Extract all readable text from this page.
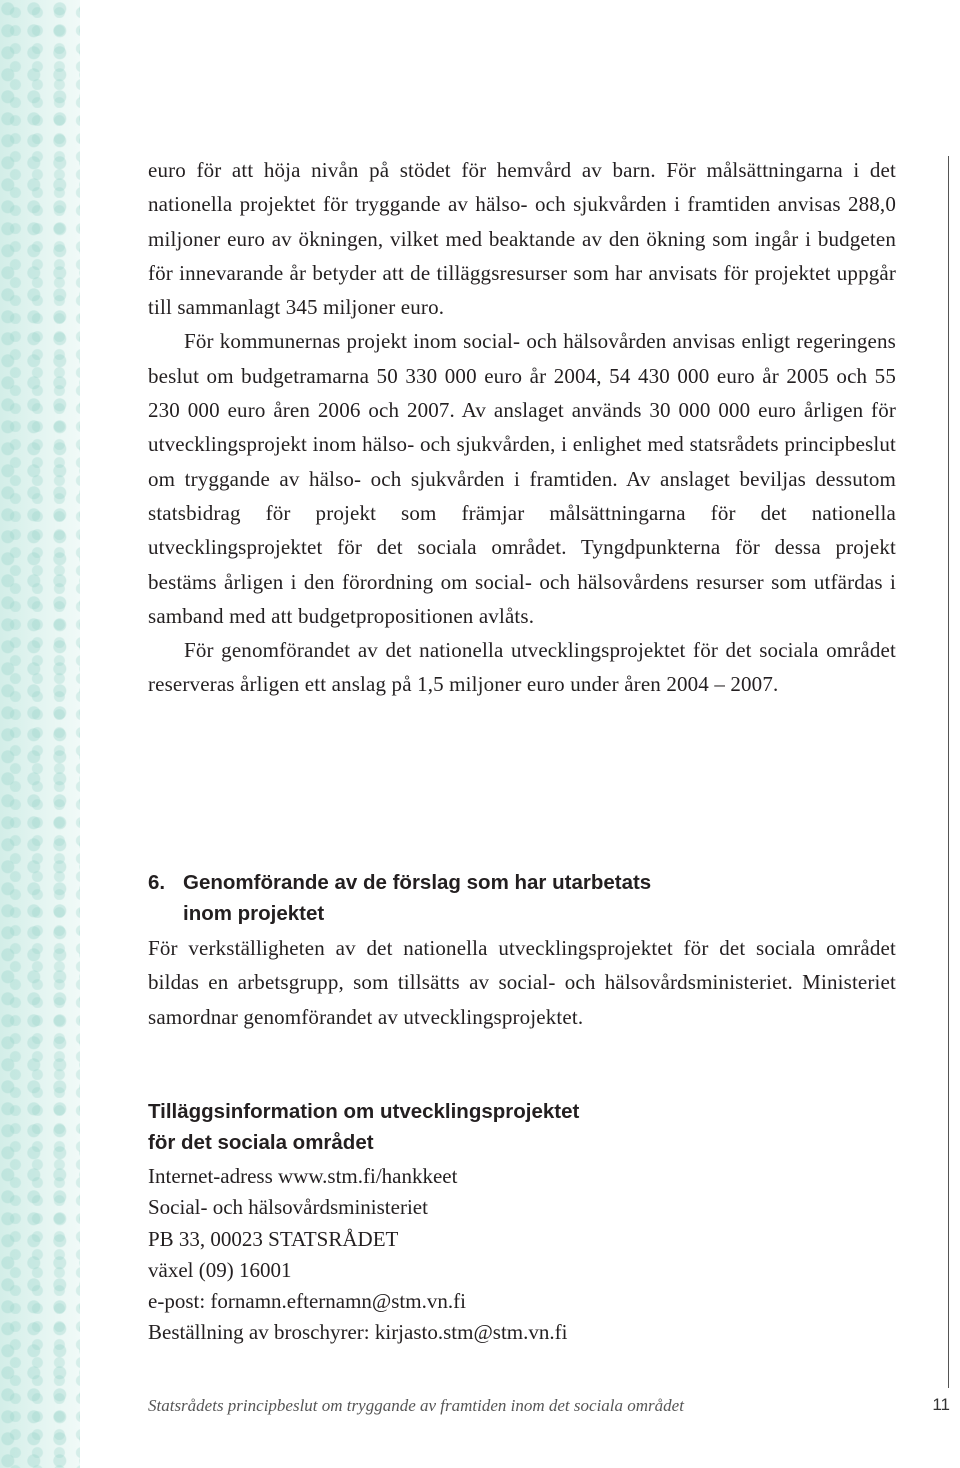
euro för att höja nivån på stödet för hemvård av barn. För målsättningarna i det nationella projektet för tryggande av hälso- och sjukvården i framtiden anvisas 288,0 miljoner euro av ökningen, vilket med beaktande av den ökning som ingår i budgeten för innevarande år betyder att de tilläggsresurser som har anvisats för projektet uppgår till sammanlagt 345 miljoner euro.

För kommunernas projekt inom social- och hälsovården anvisas enligt regeringens beslut om budgetramarna 50 330 000 euro år 2004, 54 430 000 euro år 2005 och 55 230 000 euro åren 2006 och 2007. Av anslaget används 30 000 000 euro årligen för utvecklingsprojekt inom hälso- och sjukvården, i enlighet med statsrådets principbeslut om tryggande av hälso- och sjukvården i framtiden. Av anslaget beviljas dessutom statsbidrag för projekt som främjar målsättningarna för det nationella utvecklingsprojektet för det sociala området. Tyngdpunkterna för dessa projekt bestäms årligen i den förordning om social- och hälsovårdens resurser som utfärdas i samband med att budgetpropositionen avlåts.

För genomförandet av det nationella utvecklingsprojektet för det sociala området reserveras årligen ett anslag på 1,5 miljoner euro under åren 2004 – 2007.

6. Genomförande av de förslag som har utarbetats
inom projektet

För verkställigheten av det nationella utvecklingsprojektet för det sociala området bildas en arbetsgrupp, som tillsätts av social- och hälsovårdsministeriet. Ministeriet samordnar genomförandet av utvecklingsprojektet.

Tilläggsinformation om utvecklingsprojektet
för det sociala området
Internet-adress www.stm.fi/hankkeet
Social- och hälsovårdsministeriet
PB 33, 00023 STATSRÅDET
växel (09) 16001
e-post: fornamn.efternamn@stm.vn.fi
Beställning av broschyrer: kirjasto.stm@stm.vn.fi
Statsrådets principbeslut om tryggande av framtiden inom det sociala området	11
